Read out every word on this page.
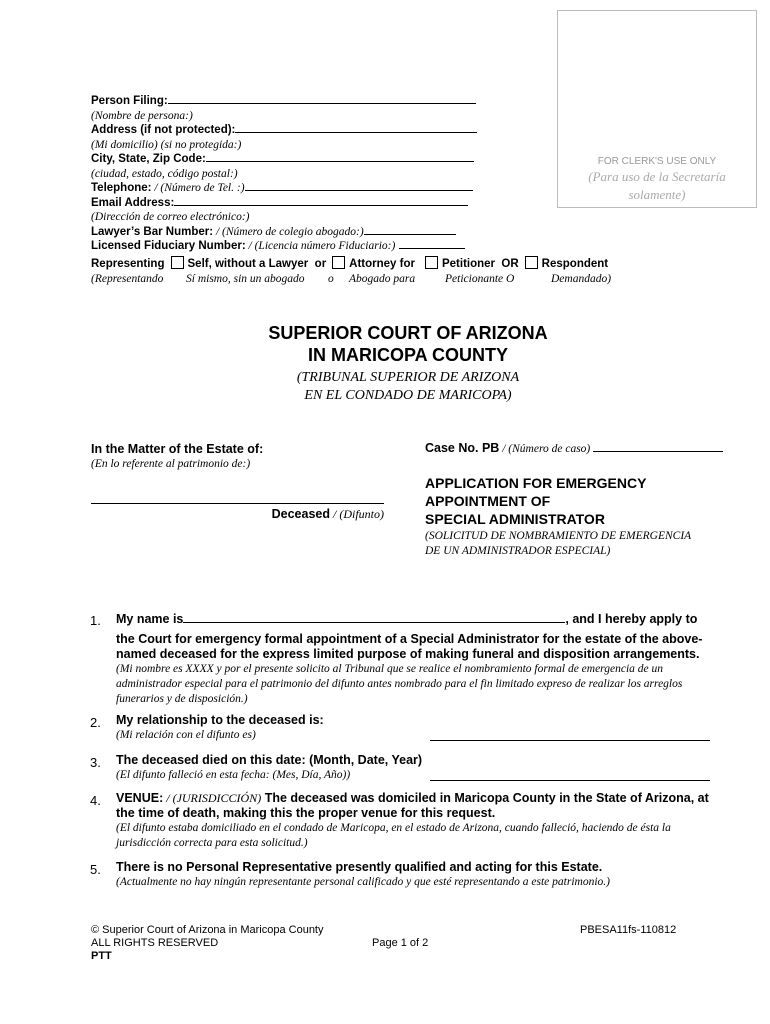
FOR CLERK'S USE ONLY
(Para uso de la Secretaría
solamente)
Person Filing:
(Nombre de persona:)
Address (if not protected):
(Mi domicilio) (si no protegida:)
City, State, Zip Code:
(ciudad, estado, código postal:)
Telephone: / (Número de Tel. :)
Email Address:
(Dirección de correo electrónico:)
Lawyer’s Bar Number: / (Número de colegio abogado:)
Licensed Fiduciary Number: / (Licencia número Fiduciario:)
Representing Self, without a Lawyer or Attorney for Petitioner OR Respondent
(Representando Sí mismo, sin un abogado o Abogado para	Peticionante O	Demandado)
SUPERIOR COURT OF ARIZONA
IN MARICOPA COUNTY
(TRIBUNAL SUPERIOR DE ARIZONA
EN EL CONDADO DE MARICOPA)
In the Matter of the Estate of:
(En lo referente al patrimonio de:)
Deceased / (Difunto)
Case No. PB / (Número de caso)
APPLICATION FOR EMERGENCY
APPOINTMENT OF
SPECIAL ADMINISTRATOR
(SOLICITUD DE NOMBRAMIENTO DE EMERGENCIA
DE UN ADMINISTRADOR ESPECIAL)
1. My name is	, and I hereby apply to
the Court for emergency formal appointment of a Special Administrator for the estate of the above-named deceased for the express limited purpose of making funeral and disposition arrangements.
(Mi nombre es XXXX y por el presente solicito al Tribunal que se realice el nombramiento formal de emergencia de un administrador especial para el patrimonio del difunto antes nombrado para el fin limitado expreso de realizar los arreglos funerarios y de disposición.)
2. My relationship to the deceased is:
(Mi relación con el difunto es)
3. The deceased died on this date: (Month, Date, Year)
(El difunto falleció en esta fecha: (Mes, Día, Año))
4. VENUE: / (JURISDICCIÓN) The deceased was domiciled in Maricopa County in the State of Arizona, at the time of death, making this the proper venue for this request.
(El difunto estaba domiciliado en el condado de Maricopa, en el estado de Arizona, cuando falleció, haciendo de ésta la jurisdicción correcta para esta solicitud.)
5. There is no Personal Representative presently qualified and acting for this Estate.
(Actualmente no hay ningún representante personal calificado y que esté representando a este patrimonio.)
© Superior Court of Arizona in Maricopa County
ALL RIGHTS RESERVED
PTT
Page 1 of 2
PBESA11fs-110812
